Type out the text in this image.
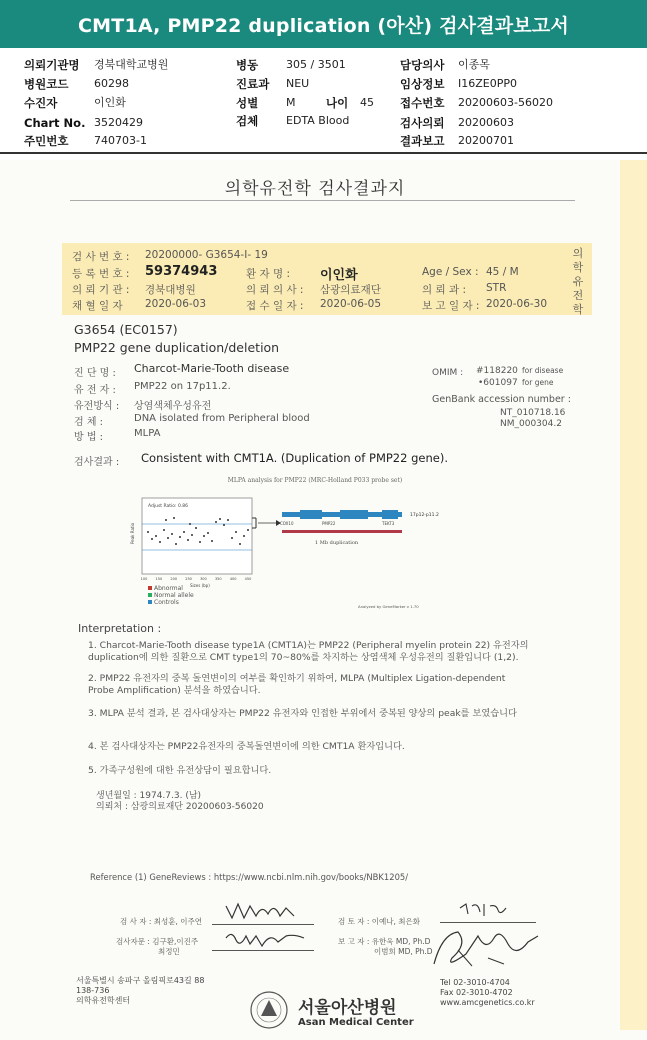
CMT1A, PMP22 duplication (아산) 검사결과보고서
의뢰기관명	경북대학교병원
병원코드	60298
수진자	이인화
Chart No. 3520429
주민번호	740703-1
병동	305 / 3501
진료과	NEU
성별	M	나이	45
검체	EDTA Blood
담당의사	이종목
임상정보	I16ZE0PP0
접수번호	20200603-56020
검사의뢰	20200603
결과보고	20200701
의학유전학 검사결과지
검 사 번 호 : 20200000- G3654-I- 19
등 록 번 호 : 59374943	환 자 명 : 이인화	Age / Sex : 45 / M
의 뢰 기 관 : 경북대병원	의 뢰 의 사 : 삼광의료재단	의 뢰 과 : STR
채 혈 일 자 2020-06-03	접 수 일 자 : 2020-06-05	보 고 일 자 : 2020-06-30
의
학
유
전
학
G3654 (EC0157)
PMP22 gene duplication/deletion
진 단 명 : Charcot-Marie-Tooth disease
유 전 자 : PMP22 on 17p11.2.
유전방식 : 상염색체우성유전
검 체 :	DNA isolated from Peripheral blood
방 법 :	MLPA
OMIM : #118220 for disease
•601097 for gene
GenBank accession number :
NT_010718.16
NM_000304.2
검사결과 : Consistent with CMT1A. (Duplication of PMP22 gene).
MLPA analysis for PMP22 (MRC-Holland P033 probe set)
Adjust Ratio: 0.86
Peak Ratio
Sizes (bp)
100 150 200 250 300 350 400 450
COX10	PMP22	TEKT3
17p12-p11.2
1 Mb duplication
Analyzed by GeneMarker v 1.70
Abnormal
Normal allele
Controls
Interpretation :
1. Charcot-Marie-Tooth disease type1A (CMT1A)는 PMP22 (Peripheral myelin protein 22) 유전자의
duplication에 의한 질환으로 CMT type1의 70~80%를 차지하는 상염색체 우성유전의 질환입니다 (1,2).
2. PMP22 유전자의 중복 돌연변이의 여부를 확인하기 위하여, MLPA (Multiplex Ligation-dependent
Probe Amplification) 분석을 하였습니다.
3. MLPA 분석 결과, 본 검사대상자는 PMP22 유전자와 인접한 부위에서 중복된 양상의 peak를 보였습니다
4. 본 검사대상자는 PMP22유전자의 중복돌연변이에 의한 CMT1A 환자입니다.
5. 가족구성원에 대한 유전상담이 필요합니다.
생년월일 : 1974.7.3. (남)
의뢰처 : 삼광의료재단 20200603-56020
Reference (1) GeneReviews : https://www.ncbi.nlm.nih.gov/books/NBK1205/
검 사 자 : 최성훈, 이주연
검사자문 : 김구환,이진주
최정민
검 토 자 : 이예나, 최은화
보 고 자 : 유한욱 MD, Ph.D
이범희 MD, Ph.D
서울특별시 송파구 올림픽로43길 88
138-736
의학유전학센터	서울아산병원
Asan Medical Center
Tel 02-3010-4704
Fax 02-3010-4702
www.amcgenetics.co.kr
